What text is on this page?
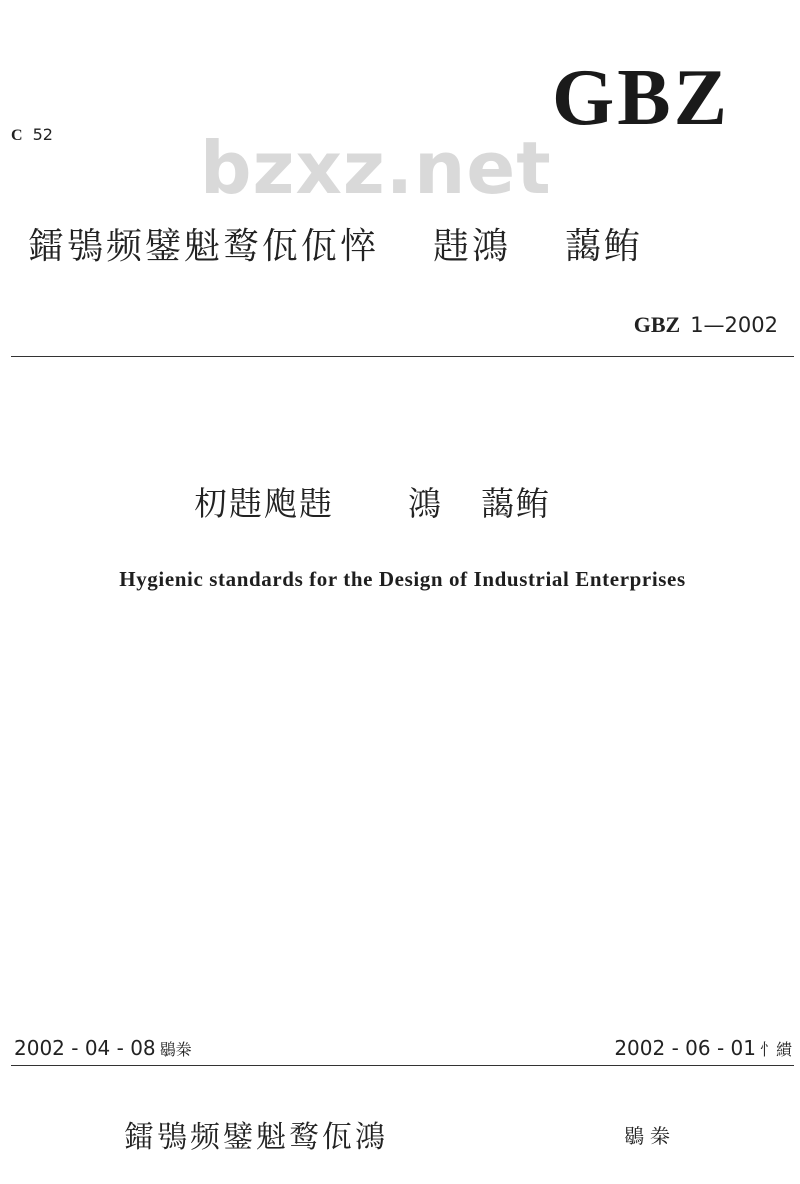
C 52	GBZ
bzxz.net
鐳鴞频鐾魁鹜佤佤悴 韪鴻 藹鲔
GBZ 1—2002
朷韪飑韪 鴻 藹鲔
Hygienic standards for the Design of Industrial Enterprises
2002 - 04 - 08 鶡桊	2002 - 06 - 01 忄繢
鐳鴞频鐾魁鹜佤鴻	鶡桊
